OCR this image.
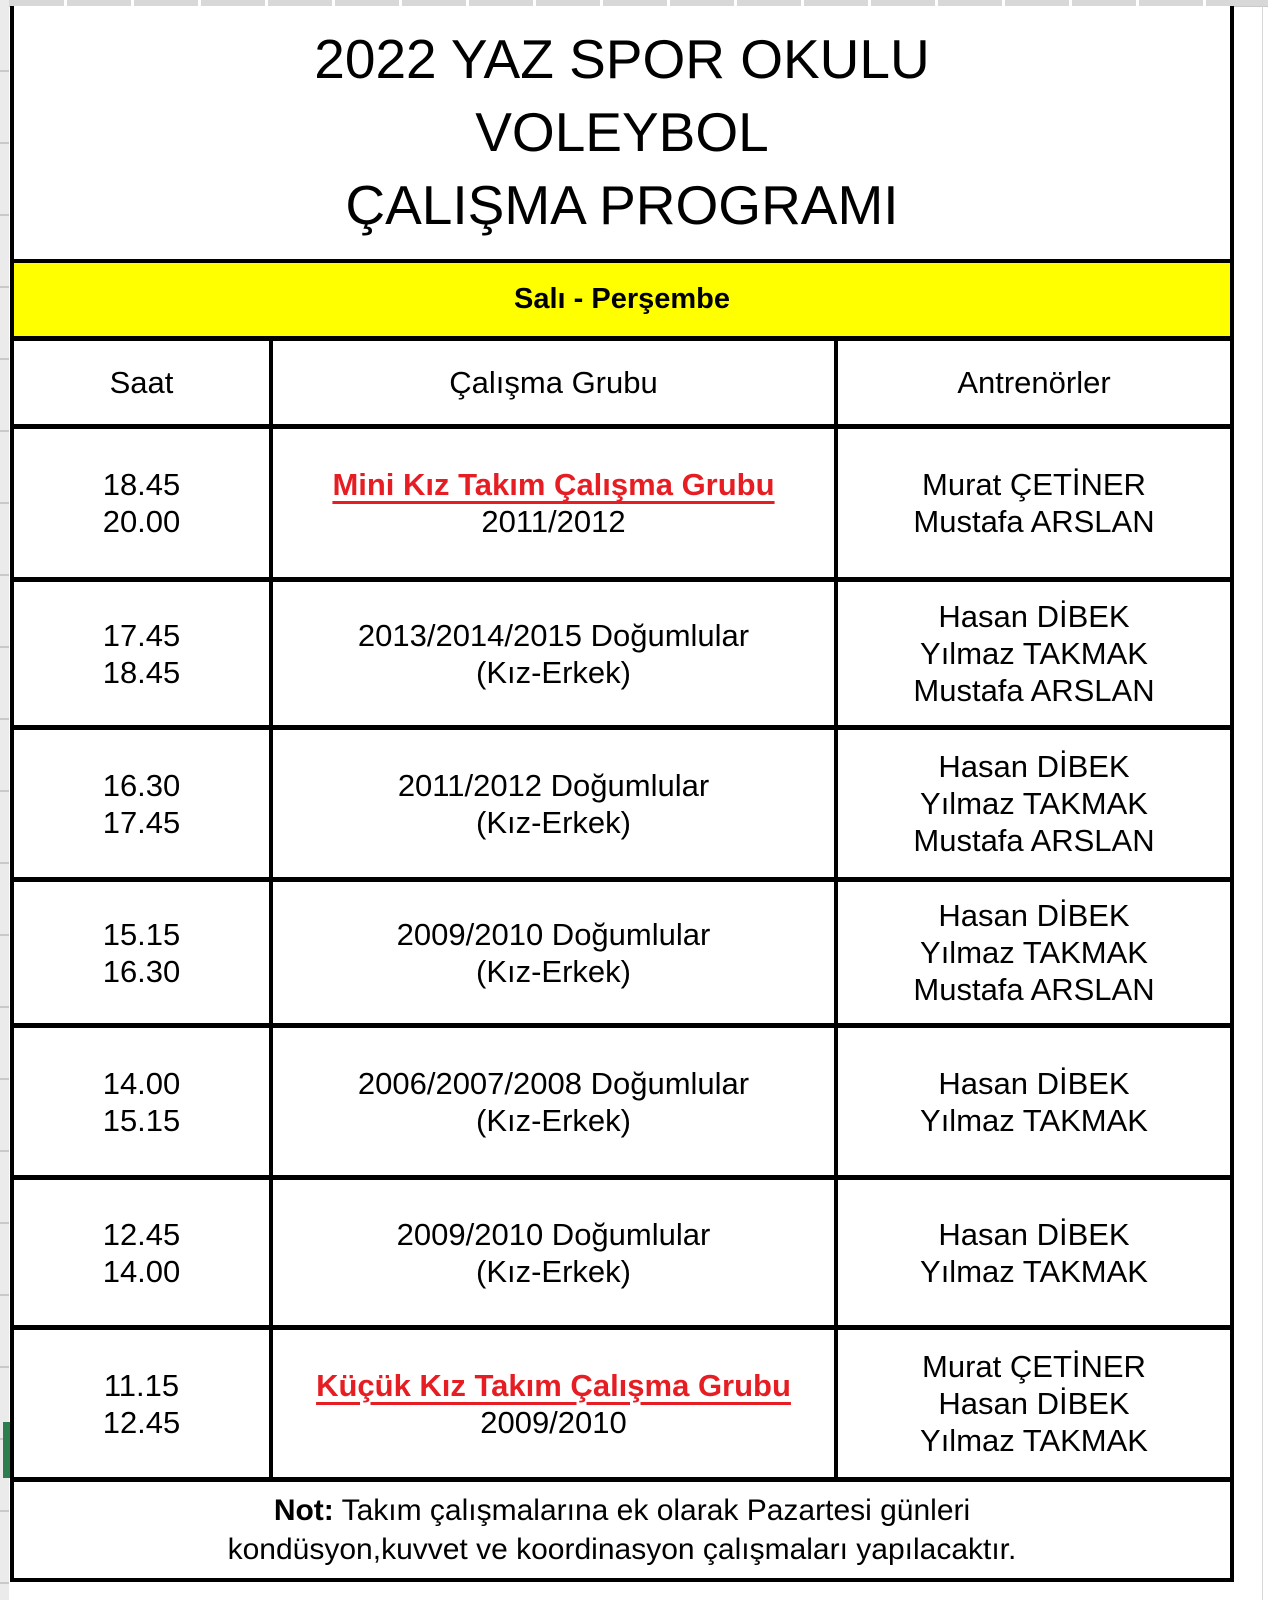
2022 YAZ SPOR OKULU
VOLEYBOL
ÇALIŞMA PROGRAMI
Salı - Perşembe
Saat	Çalışma Grubu	Antrenörler
18.45
20.00
Mini Kız Takım Çalışma Grubu
2011/2012
Murat ÇETİNER
Mustafa ARSLAN
17.45
18.45
2013/2014/2015 Doğumlular
(Kız-Erkek)
Hasan DİBEK
Yılmaz TAKMAK
Mustafa ARSLAN
16.30
17.45
2011/2012 Doğumlular
(Kız-Erkek)
Hasan DİBEK
Yılmaz TAKMAK
Mustafa ARSLAN
15.15
16.30
2009/2010 Doğumlular
(Kız-Erkek)
Hasan DİBEK
Yılmaz TAKMAK
Mustafa ARSLAN
14.00
15.15
2006/2007/2008 Doğumlular
(Kız-Erkek)
Hasan DİBEK
Yılmaz TAKMAK
12.45
14.00
2009/2010 Doğumlular
(Kız-Erkek)
Hasan DİBEK
Yılmaz TAKMAK
11.15
12.45
Küçük Kız Takım Çalışma Grubu
2009/2010
Murat ÇETİNER
Hasan DİBEK
Yılmaz TAKMAK
Not: Takım çalışmalarına ek olarak Pazartesi günleri
kondüsyon,kuvvet ve koordinasyon çalışmaları yapılacaktır.
